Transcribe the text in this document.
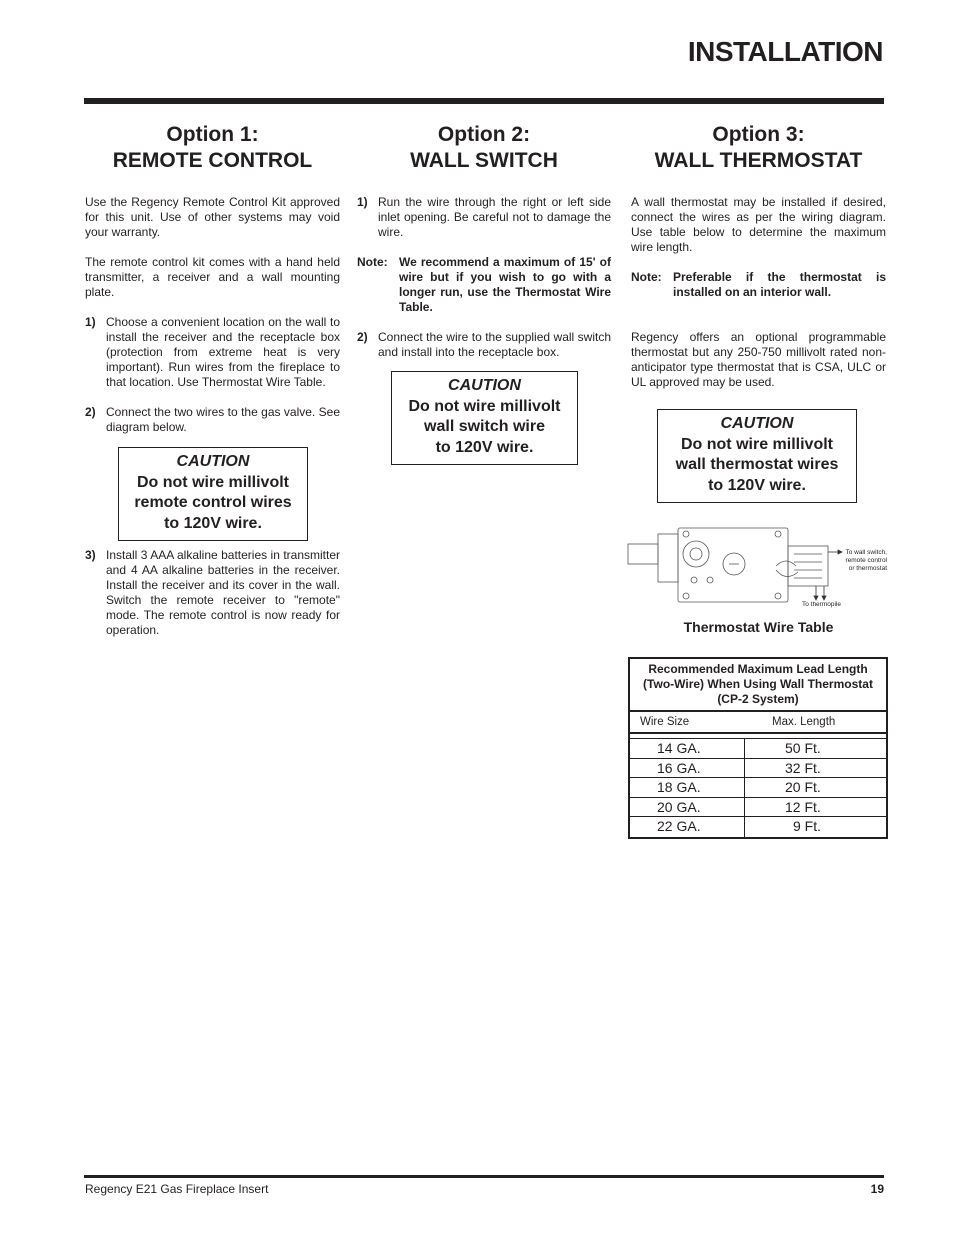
INSTALLATION
Option 1:
REMOTE CONTROL
Use the Regency Remote Control Kit approved for this unit. Use of other systems may void your warranty.
The remote control kit comes with a hand held transmitter, a receiver and a wall mounting plate.
1) Choose a convenient location on the wall to install the receiver and the receptacle box (protection from extreme heat is very important). Run wires from the fireplace to that location. Use Thermostat Wire Table.
2) Connect the two wires to the gas valve. See diagram below.
CAUTION
Do not wire millivolt
remote control wires
to 120V wire.
3) Install 3 AAA alkaline batteries in transmitter and 4 AA alkaline batteries in the receiver. Install the receiver and its cover in the wall. Switch the remote receiver to "remote" mode. The remote control is now ready for operation.
Option 2:
WALL SWITCH
1) Run the wire through the right or left side inlet opening. Be careful not to damage the wire.
Note: We recommend a maximum of 15' of wire but if you wish to go with a longer run, use the Thermostat Wire Table.
2) Connect the wire to the supplied wall switch and install into the receptacle box.
CAUTION
Do not wire millivolt
wall switch wire
to 120V wire.
Option 3:
WALL THERMOSTAT
A wall thermostat may be installed if desired, connect the wires as per the wiring diagram. Use table below to determine the maximum wire length.
Note: Preferable if the thermostat is installed on an interior wall.
Regency offers an optional programmable thermostat but any 250-750 millivolt rated non-anticipator type thermostat that is CSA, ULC or UL approved may be used.
CAUTION
Do not wire millivolt
wall thermostat wires
to 120V wire.
To wall switch,
remote control
or thermostat
To thermopile
Thermostat Wire Table
Recommended Maximum Lead Length (Two-Wire) When Using Wall Thermostat (CP-2 System)
Wire Size	Max. Length
14 GA.	50 Ft.
16 GA.	32 Ft.
18 GA.	20 Ft.
20 GA.	12 Ft.
22 GA.	9 Ft.
Regency E21 Gas Fireplace Insert	19
